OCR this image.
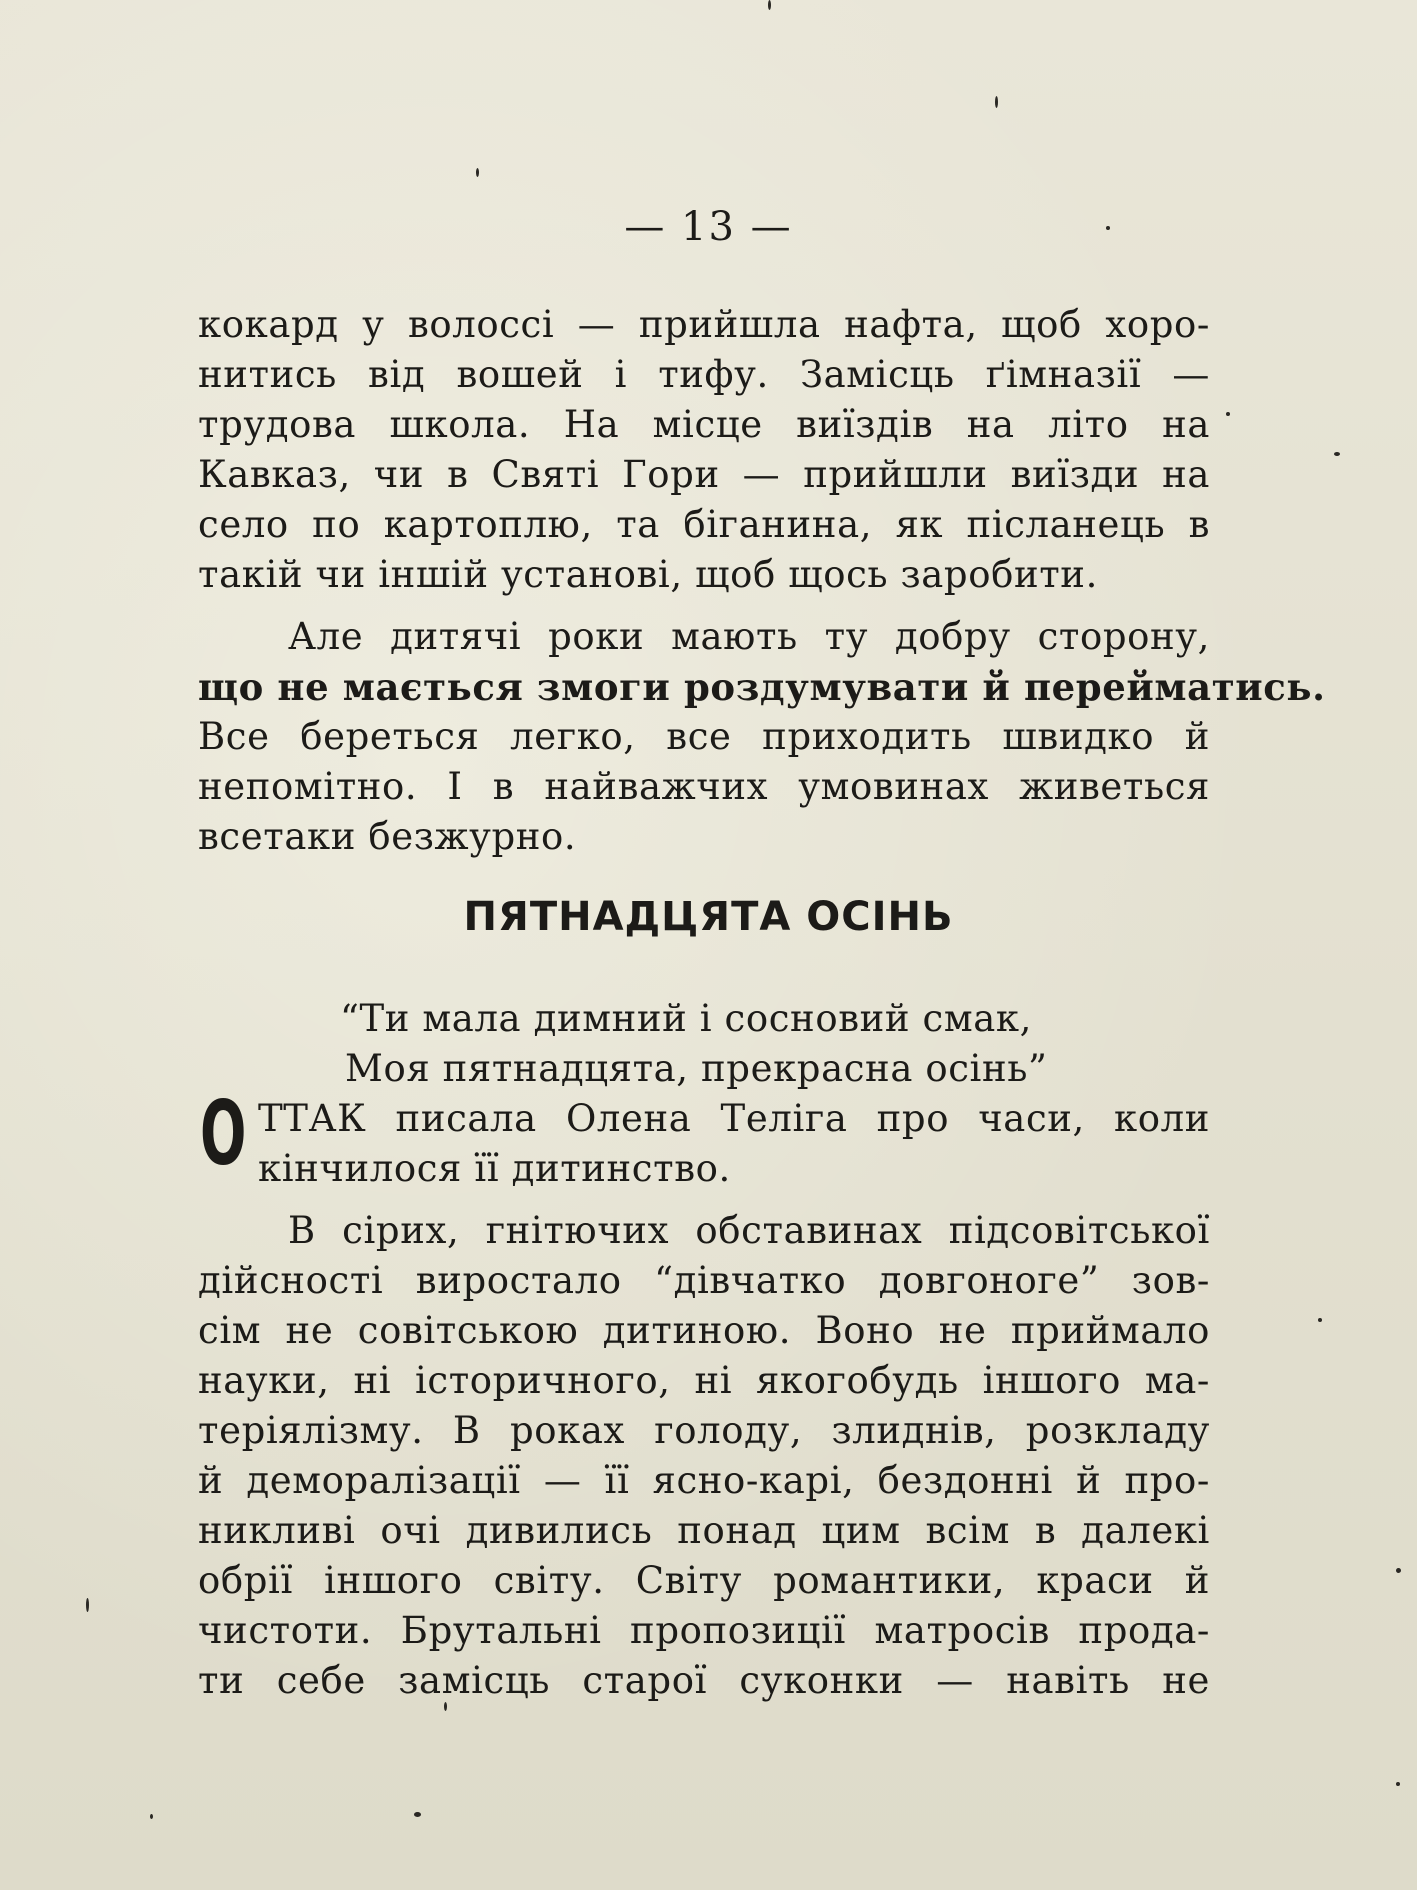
— 13 —
кокард у волоссі — прийшла нафта, щоб хоро-
нитись від вошей і тифу. Замісць ґімназії —
трудова школа. На місце виїздів на літо на
Кавказ, чи в Святі Гори — прийшли виїзди на
село по картоплю, та біганина, як післанець в
такій чи іншій установі, щоб щось заробити.
Але дитячі роки мають ту добру сторону,
що не мається змоги роздумувати й перейматись.
Все береться легко, все приходить швидко й
непомітно. І в найважчих умовинах живеться
всетаки безжурно.
ПЯТНАДЦЯТА ОСІНЬ
“Ти мала димний і сосновий смак,
Моя пятнадцята, прекрасна осінь”
О ТТАК писала Олена Теліга про часи, коли
кінчилося її дитинство.
В сірих, гнітючих обставинах підсовітської
дійсності виростало “дівчатко довгоноге” зов-
сім не совітською дитиною. Воно не приймало
науки, ні історичного, ні якогобудь іншого ма-
теріялізму. В роках голоду, злиднів, розкладу
й деморалізації — її ясно-карі, бездонні й про-
никливі очі дивились понад цим всім в далекі
обрії іншого світу. Світу романтики, краси й
чистоти. Брутальні пропозиції матросів прода-
ти себе замісць старої суконки — навіть не
